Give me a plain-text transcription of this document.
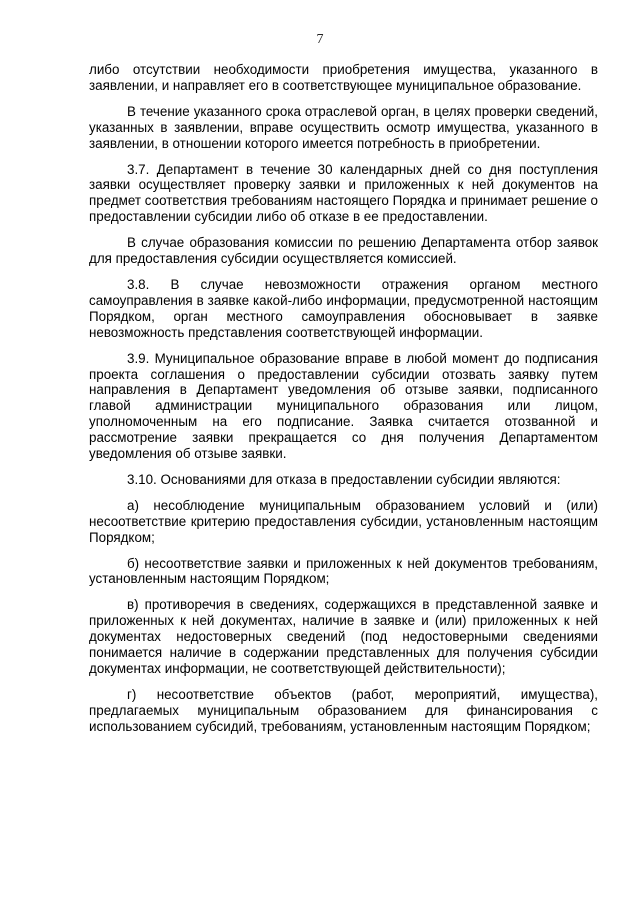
7

либо отсутствии необходимости приобретения имущества, указанного в заявлении, и направляет его в соответствующее муниципальное образование.

В течение указанного срока отраслевой орган, в целях проверки сведений, указанных в заявлении, вправе осуществить осмотр имущества, указанного в заявлении, в отношении которого имеется потребность в приобретении.

3.7. Департамент в течение 30 календарных дней со дня поступления заявки осуществляет проверку заявки и приложенных к ней документов на предмет соответствия требованиям настоящего Порядка и принимает решение о предоставлении субсидии либо об отказе в ее предоставлении.

В случае образования комиссии по решению Департамента отбор заявок для предоставления субсидии осуществляется комиссией.

3.8. В случае невозможности отражения органом местного самоуправления в заявке какой-либо информации, предусмотренной настоящим Порядком, орган местного самоуправления обосновывает в заявке невозможность представления соответствующей информации.

3.9. Муниципальное образование вправе в любой момент до подписания проекта соглашения о предоставлении субсидии отозвать заявку путем направления в Департамент уведомления об отзыве заявки, подписанного главой администрации муниципального образования или лицом, уполномоченным на его подписание. Заявка считается отозванной и рассмотрение заявки прекращается со дня получения Департаментом уведомления об отзыве заявки.

3.10. Основаниями для отказа в предоставлении субсидии являются:

а) несоблюдение муниципальным образованием условий и (или) несоответствие критерию предоставления субсидии, установленным настоящим Порядком;

б) несоответствие заявки и приложенных к ней документов требованиям, установленным настоящим Порядком;

в) противоречия в сведениях, содержащихся в представленной заявке и приложенных к ней документах, наличие в заявке и (или) приложенных к ней документах недостоверных сведений (под недостоверными сведениями понимается наличие в содержании представленных для получения субсидии документах информации, не соответствующей действительности);

г) несоответствие объектов (работ, мероприятий, имущества), предлагаемых муниципальным образованием для финансирования с использованием субсидий, требованиям, установленным настоящим Порядком;
